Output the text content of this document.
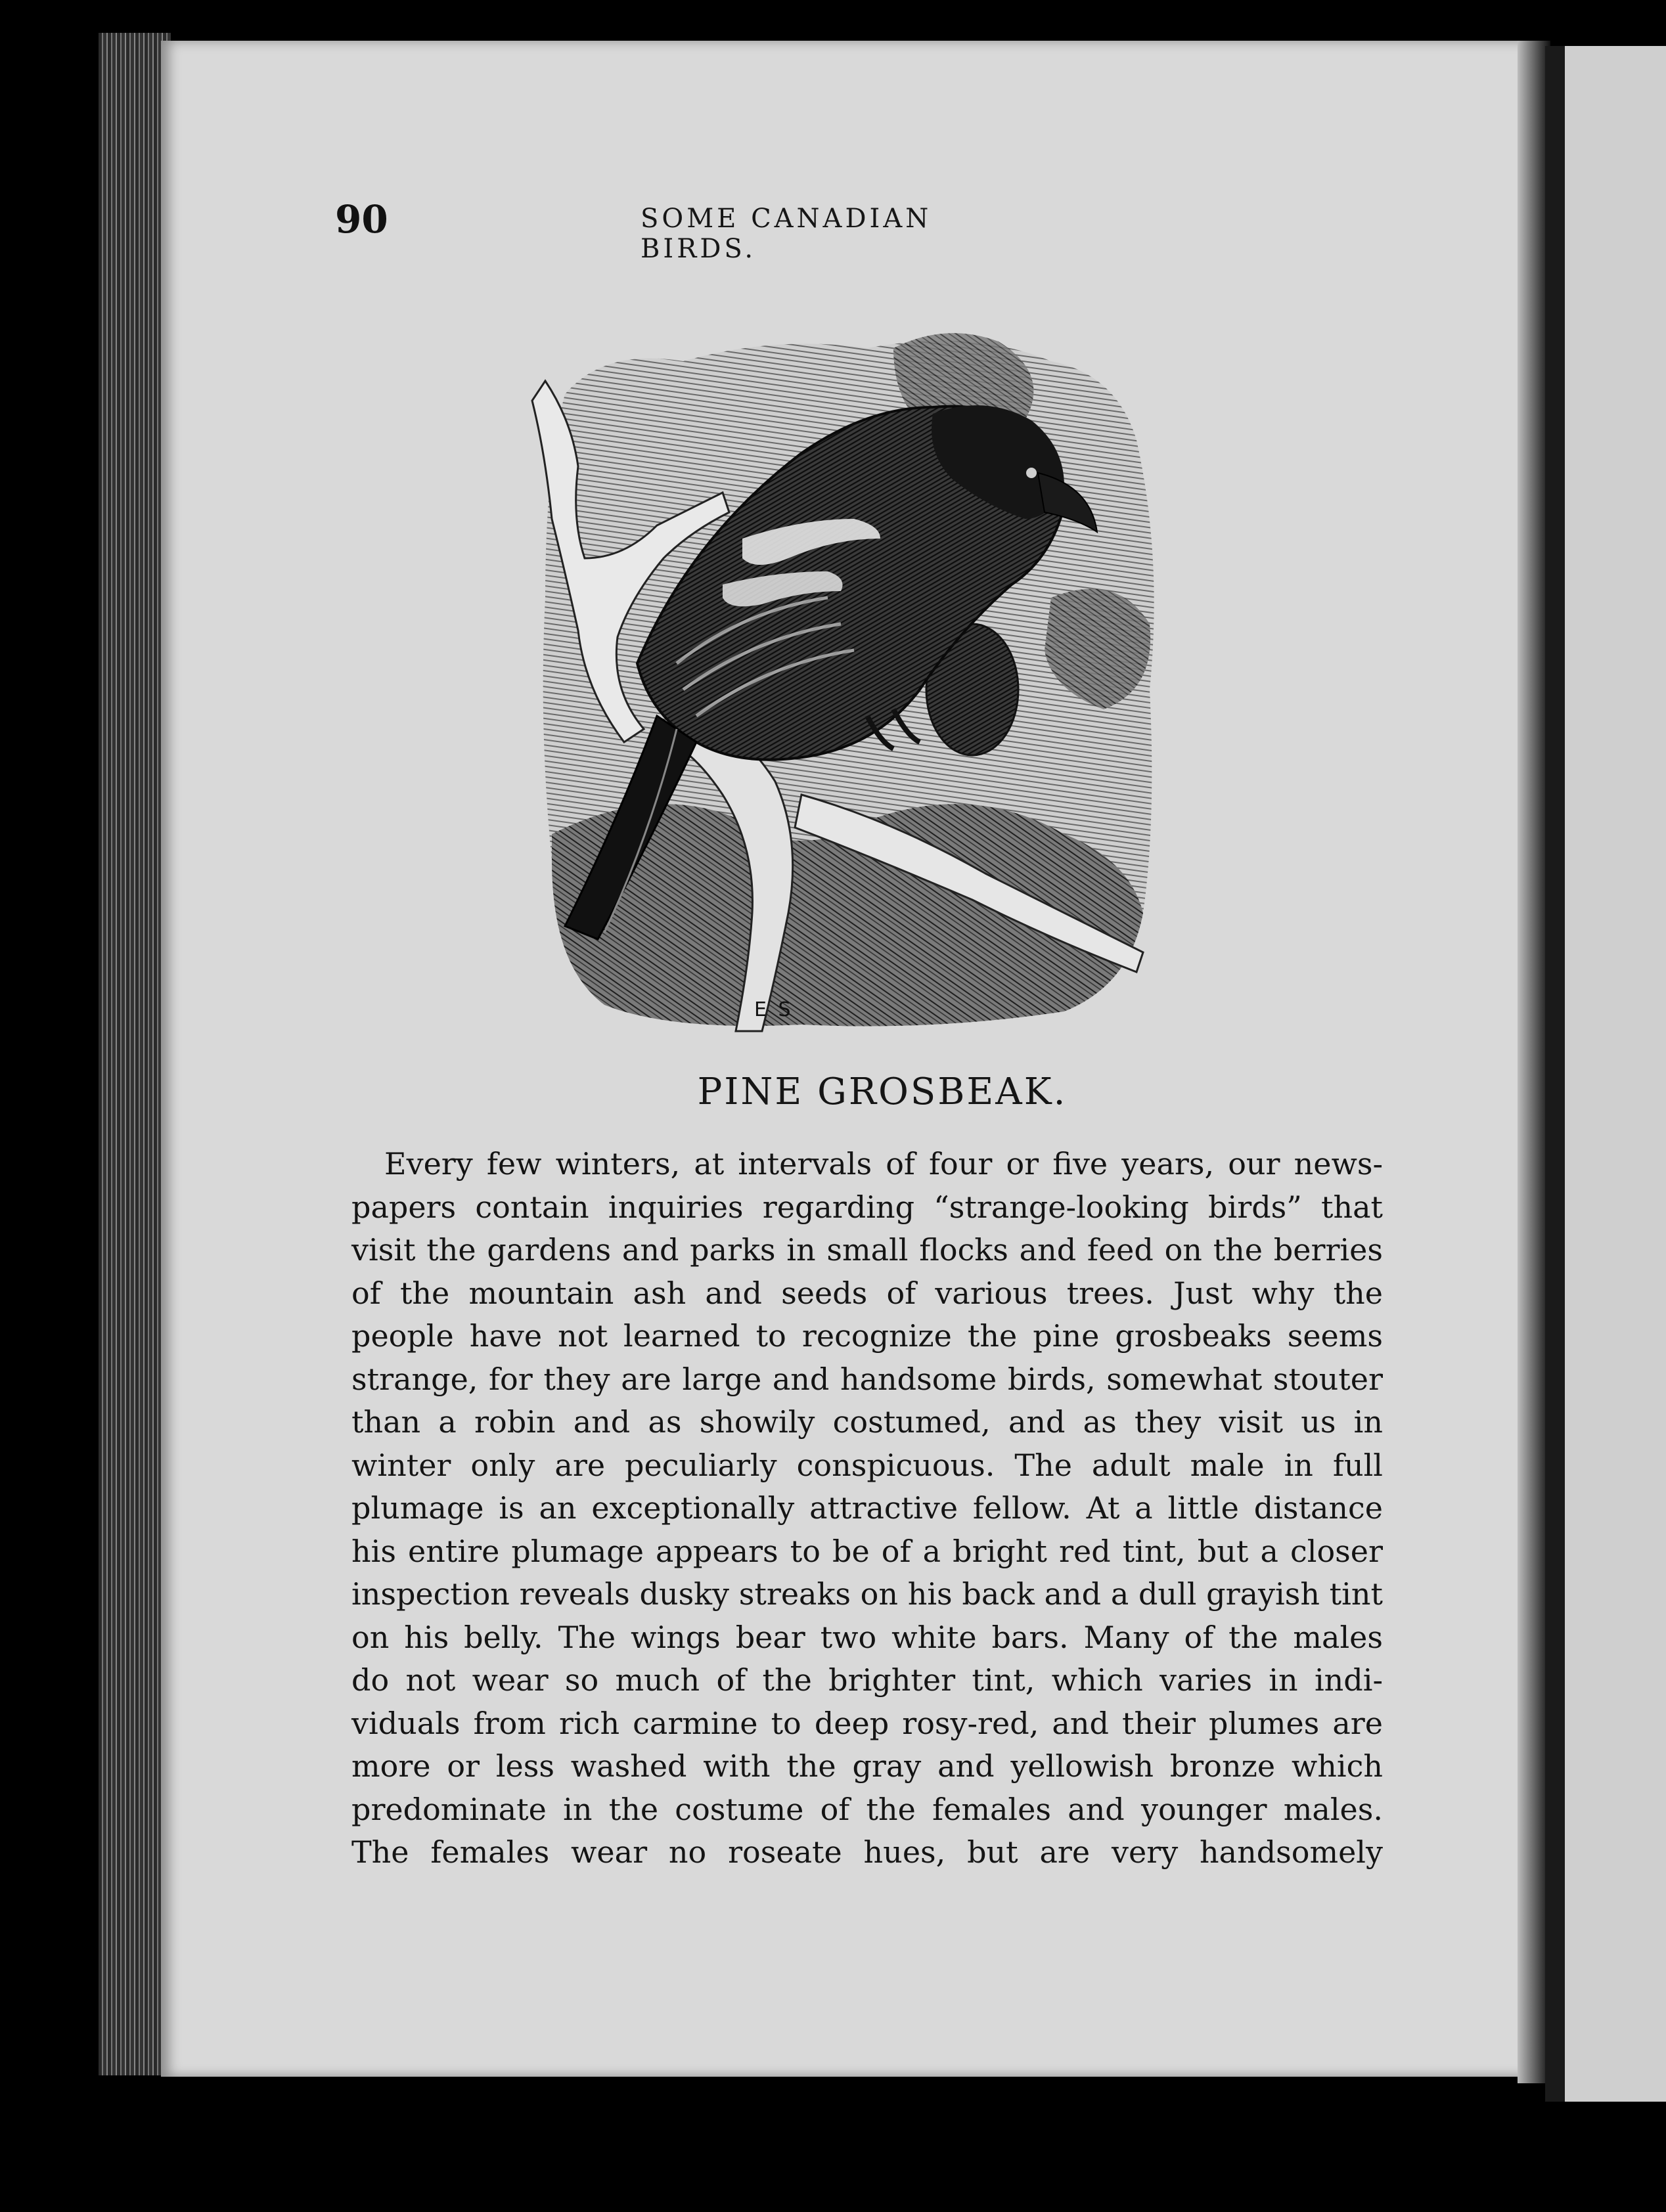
90	SOME CANADIAN BIRDS.
E S
PINE GROSBEAK.
Every few winters, at intervals of four or five years, our news-
papers contain inquiries regarding “strange-looking birds” that
visit the gardens and parks in small flocks and feed on the berries
of the mountain ash and seeds of various trees. Just why the
people have not learned to recognize the pine grosbeaks seems
strange, for they are large and handsome birds, somewhat stouter
than a robin and as showily costumed, and as they visit us in
winter only are peculiarly conspicuous. The adult male in full
plumage is an exceptionally attractive fellow. At a little distance
his entire plumage appears to be of a bright red tint, but a closer
inspection reveals dusky streaks on his back and a dull grayish tint
on his belly. The wings bear two white bars. Many of the males
do not wear so much of the brighter tint, which varies in indi-
viduals from rich carmine to deep rosy-red, and their plumes are
more or less washed with the gray and yellowish bronze which
predominate in the costume of the females and younger males.
The females wear no roseate hues, but are very handsomely
